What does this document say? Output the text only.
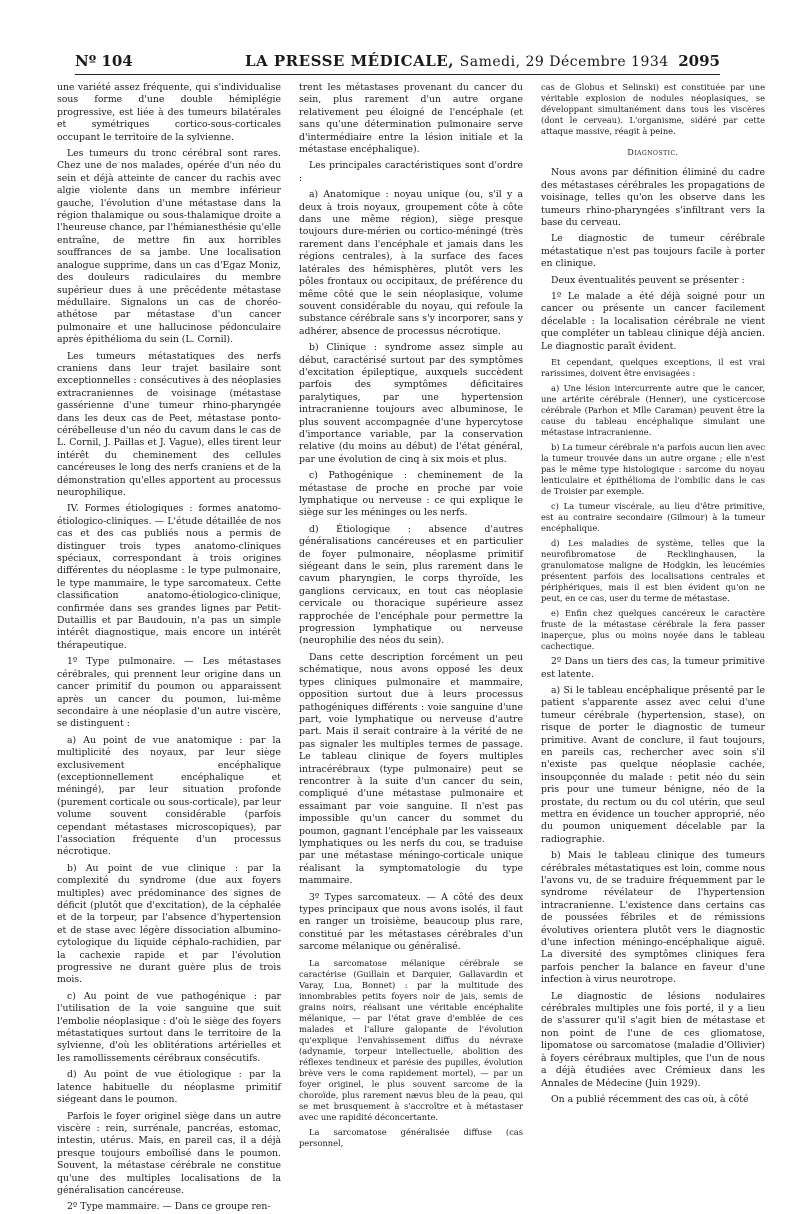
Nº 104	LA PRESSE MÉDICALE, Samedi, 29 Décembre 1934 2095

une variété assez fréquente, qui s'individualise sous forme d'une double hémiplégie progressive, est liée à des tumeurs bilatérales et symétriques cortico-sous-corticales occupant le territoire de la sylvienne.

Les tumeurs du tronc cérébral sont rares. Chez une de nos malades, opérée d'un néo du sein et déjà atteinte de cancer du rachis avec algie violente dans un membre inférieur gauche, l'évolution d'une métastase dans la région thalamique ou sous-thalamique droite a l'heureuse chance, par l'hémianesthésie qu'elle entraîne, de mettre fin aux horribles souffrances de sa jambe. Une localisation analogue supprime, dans un cas d'Egaz Moniz, des douleurs radiculaires du membre supérieur dues à une précédente métastase médullaire. Signalons un cas de choréo-athétose par métastase d'un cancer pulmonaire et une hallucinose pédonculaire après épithélioma du sein (L. Cornil).

Les tumeurs métastatiques des nerfs craniens dans leur trajet basilaire sont exceptionnelles : consécutives à des néoplasies extracraniennes de voisinage (métastase gassérienne d'une tumeur rhino-pharyngée dans les deux cas de Peet, métastase ponto-cérébelleuse d'un néo du cavum dans le cas de L. Cornil, J. Paillas et J. Vague), elles tirent leur intérêt du cheminement des cellules cancéreuses le long des nerfs craniens et de la démonstration qu'elles apportent au processus neurophilique.

IV. Formes étiologiques : formes anatomo-étiologico-cliniques. — L'étude détaillée de nos cas et des cas publiés nous a permis de distinguer trois types anatomo-cliniques spéciaux, correspondant à trois origines différentes du néoplasme : le type pulmonaire, le type mammaire, le type sarcomateux. Cette classification anatomo-étiologico-clinique, confirmée dans ses grandes lignes par Petit-Dutaillis et par Baudouin, n'a pas un simple intérêt diagnostique, mais encore un intérêt thérapeutique.

1º Type pulmonaire. — Les métastases cérébrales, qui prennent leur origine dans un cancer primitif du poumon ou apparaissent après un cancer du poumon, lui-même secondaire à une néoplasie d'un autre viscère, se distinguent :

a) Au point de vue anatomique : par la multiplicité des noyaux, par leur siège exclusivement encéphalique (exceptionnellement encéphalique et méningé), par leur situation profonde (purement corticale ou sous-corticale), par leur volume souvent considérable (parfois cependant métastases microscopiques), par l'association fréquente d'un processus nécrotique.

b) Au point de vue clinique : par la complexité du syndrome (due aux foyers multiples) avec prédominance des signes de déficit (plutôt que d'excitation), de la céphalée et de la torpeur, par l'absence d'hypertension et de stase avec légère dissociation albumino-cytologique du liquide céphalo-rachidien, par la cachexie rapide et par l'évolution progressive ne durant guère plus de trois mois.

c) Au point de vue pathogénique : par l'utilisation de la voie sanguine que suit l'embolie néoplasique : d'où le siège des foyers métastatiques surtout dans le territoire de la sylvienne, d'où les oblitérations artérielles et les ramollissements cérébraux consécutifs.

d) Au point de vue étiologique : par la latence habituelle du néoplasme primitif siégeant dans le poumon.

Parfois le foyer originel siège dans un autre viscère : rein, surrénale, pancréas, estomac, intestin, utérus. Mais, en pareil cas, il a déjà presque toujours emboîlisé dans le poumon. Souvent, la métastase cérébrale ne constitue qu'une des multiples localisations de la généralisation cancéreuse.

2º Type mammaire. — Dans ce groupe ren-

trent les métastases provenant du cancer du sein, plus rarement d'un autre organe relativement peu éloigné de l'encéphale (et sans qu'une détermination pulmonaire serve d'intermédiaire entre la lésion initiale et la métastase encéphalique).

Les principales caractéristiques sont d'ordre :

a) Anatomique : noyau unique (ou, s'il y a deux à trois noyaux, groupement côte à côte dans une même région), siège presque toujours dure-mérien ou cortico-méningé (très rarement dans l'encéphale et jamais dans les régions centrales), à la surface des faces latérales des hémisphères, plutôt vers les pôles frontaux ou occipitaux, de préférence du même côté que le sein néoplasique, volume souvent considérable du noyau, qui refoule la substance cérébrale sans s'y incorporer, sans y adhérer, absence de processus nécrotique.

b) Clinique : syndrome assez simple au début, caractérisé surtout par des symptômes d'excitation épileptique, auxquels succèdent parfois des symptômes déficitaires paralytiques, par une hypertension intracranienne toujours avec albuminose, le plus souvent accompagnée d'une hypercytose d'importance variable, par la conservation relative (du moins au début) de l'état général, par une évolution de cinq à six mois et plus.

c) Pathogénique : cheminement de la métastase de proche en proche par voie lymphatique ou nerveuse : ce qui explique le siège sur les méninges ou les nerfs.

d) Étiologique : absence d'autres généralisations cancéreuses et en particulier de foyer pulmonaire, néoplasme primitif siégeant dans le sein, plus rarement dans le cavum pharyngien, le corps thyroïde, les ganglions cervicaux, en tout cas néoplasie cervicale ou thoracique supérieure assez rapprochée de l'encéphale pour permettre la progression lymphatique ou nerveuse (neurophilie des néos du sein).

Dans cette description forcément un peu schématique, nous avons opposé les deux types cliniques pulmonaire et mammaire, opposition surtout due à leurs processus pathogéniques différents : voie sanguine d'une part, voie lymphatique ou nerveuse d'autre part. Mais il serait contraire à la vérité de ne pas signaler les multiples termes de passage. Le tableau clinique de foyers multiples intracérébraux (type pulmonaire) peut se rencontrer à la suite d'un cancer du sein, compliqué d'une métastase pulmonaire et essaimant par voie sanguine. Il n'est pas impossible qu'un cancer du sommet du poumon, gagnant l'encéphale par les vaisseaux lymphatiques ou les nerfs du cou, se traduise par une métastase méningo-corticale unique réalisant la symptomatologie du type mammaire.

3º Types sarcomateux. — A côté des deux types principaux que nous avons isolés, il faut en ranger un troisième, beaucoup plus rare, constitué par les métastases cérébrales d'un sarcome mélanique ou généralisé.

La sarcomatose mélanique cérébrale se caractérise (Guillain et Darquier, Gallavardin et Varay, Lua, Bonnet) : par la multitude des innombrables petits foyers noir de jais, semis de grains noirs, réalisant une véritable encéphalite mélanique, — par l'état grave d'emblée de ces malades et l'allure galopante de l'évolution qu'explique l'envahissement diffus du névraxe (adynamie, torpeur intellectuelle, abolition des réflexes tendineux et parésie des pupilles, évolution brève vers le coma rapidement mortel), — par un foyer originel, le plus souvent sarcome de la choroïde, plus rarement nævus bleu de la peau, qui se met brusquement à s'accroître et à métastaser avec une rapidité déconcertante.

La sarcomatose généralisée diffuse (cas personnel,

cas de Globus et Selinski) est constituée par une véritable explosion de nodules néoplasiques, se développant simultanément dans tous les viscères (dont le cerveau). L'organisme, sidéré par cette attaque massive, réagit à peine.

Diagnostic.

Nous avons par définition éliminé du cadre des métastases cérébrales les propagations de voisinage, telles qu'on les observe dans les tumeurs rhino-pharyngées s'infiltrant vers la base du cerveau.

Le diagnostic de tumeur cérébrale métastatique n'est pas toujours facile à porter en clinique.

Deux éventualités peuvent se présenter :

1º Le malade a été déjà soigné pour un cancer ou présente un cancer facilement décelable : la localisation cérébrale ne vient que compléter un tableau clinique déjà ancien. Le diagnostic paraît évident.

Et cependant, quelques exceptions, il est vrai rarissimes, doivent être envisagées :

a) Une lésion intercurrente autre que le cancer, une artérite cérébrale (Henner), une cysticercose cérébrale (Parhon et Mlle Caraman) peuvent être la cause du tableau encéphalique simulant une métastase intracranienne.

b) La tumeur cérébrale n'a parfois aucun lien avec la tumeur trouvée dans un autre organe ; elle n'est pas le même type histologique : sarcome du noyau lenticulaire et épithélioma de l'ombilic dans le cas de Troisier par exemple.

c) La tumeur viscérale, au lieu d'être primitive, est au contraire secondaire (Gilmour) à la tumeur encéphalique.

d) Les maladies de système, telles que la neurofibromatose de Recklinghausen, la granulomatose maligne de Hodgkin, les leucémies présentent parfois des localisations centrales et périphériques, mais il est bien évident qu'on ne peut, en ce cas, user du terme de métastase.

e) Enfin chez quelques cancéreux le caractère fruste de la métastase cérébrale la fera passer inaperçue, plus ou moins noyée dans le tableau cachectique.

2º Dans un tiers des cas, la tumeur primitive est latente.

a) Si le tableau encéphalique présenté par le patient s'apparente assez avec celui d'une tumeur cérébrale (hypertension, stase), on risque de porter le diagnostic de tumeur primitive. Avant de conclure, il faut toujours, en pareils cas, rechercher avec soin s'il n'existe pas quelque néoplasie cachée, insoupçonnée du malade : petit néo du sein pris pour une tumeur bénigne, néo de la prostate, du rectum ou du col utérin, que seul mettra en évidence un toucher approprié, néo du poumon uniquement décelable par la radiographie.

b) Mais le tableau clinique des tumeurs cérébrales métastatiques est loin, comme nous l'avons vu, de se traduire fréquemment par le syndrome révélateur de l'hypertension intracranienne. L'existence dans certains cas de poussées fébriles et de rémissions évolutives orientera plutôt vers le diagnostic d'une infection méningo-encéphalique aiguë. La diversité des symptômes cliniques fera parfois pencher la balance en faveur d'une infection à virus neurotrope.

Le diagnostic de lésions nodulaires cérébrales multiples une fois porté, il y a lieu de s'assurer qu'il s'agit bien de métastase et non point de l'une de ces gliomatose, lipomatose ou sarcomatose (maladie d'Ollivier) à foyers cérébraux multiples, que l'un de nous a déjà étudiées avec Crémieux dans les Annales de Médecine (Juin 1929).

On a publié récemment des cas où, à côté
